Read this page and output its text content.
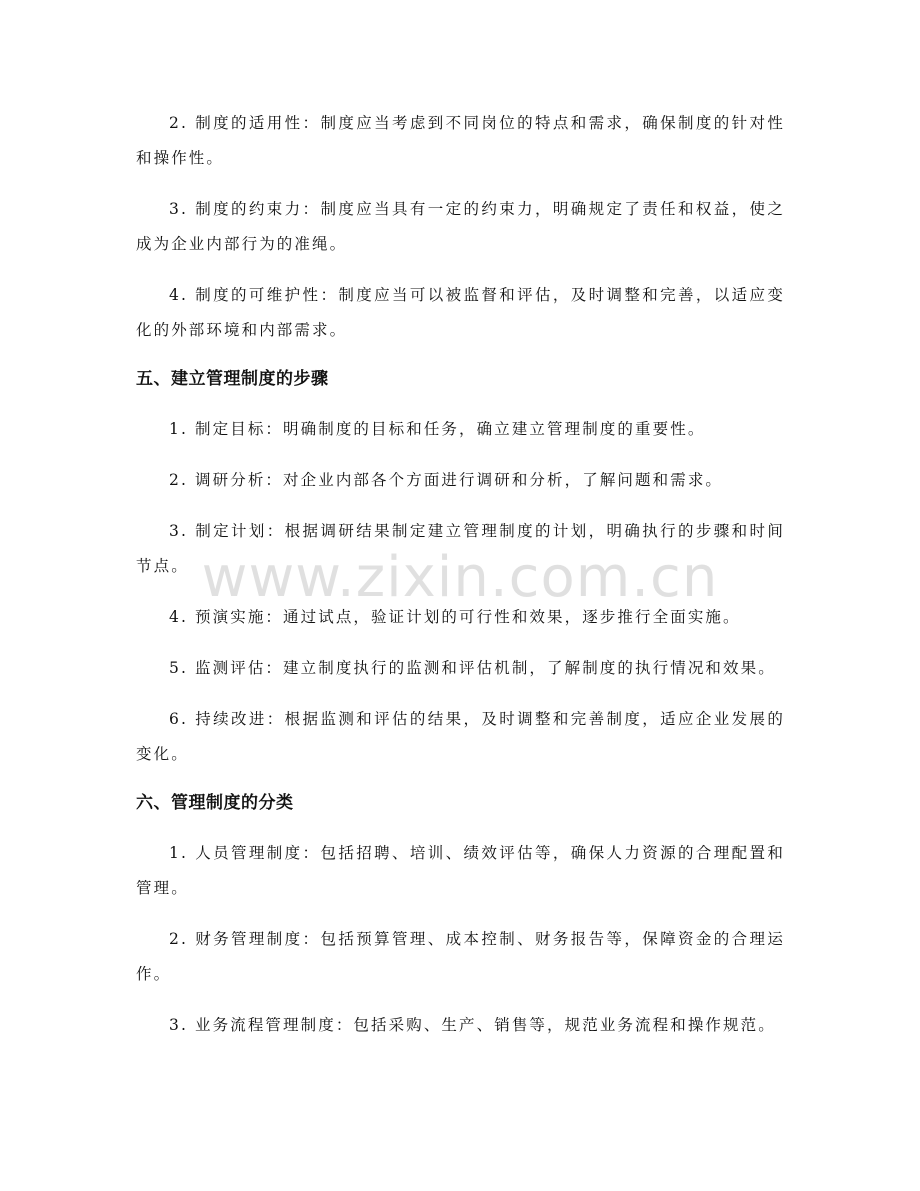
2. 制度的适用性：制度应当考虑到不同岗位的特点和需求，确保制度的针对性和操作性。

3. 制度的约束力：制度应当具有一定的约束力，明确规定了责任和权益，使之成为企业内部行为的准绳。

4. 制度的可维护性：制度应当可以被监督和评估，及时调整和完善，以适应变化的外部环境和内部需求。

五、建立管理制度的步骤

1. 制定目标：明确制度的目标和任务，确立建立管理制度的重要性。

2. 调研分析：对企业内部各个方面进行调研和分析，了解问题和需求。

3. 制定计划：根据调研结果制定建立管理制度的计划，明确执行的步骤和时间节点。

4. 预演实施：通过试点，验证计划的可行性和效果，逐步推行全面实施。

5. 监测评估：建立制度执行的监测和评估机制，了解制度的执行情况和效果。

6. 持续改进：根据监测和评估的结果，及时调整和完善制度，适应企业发展的变化。

六、管理制度的分类

1. 人员管理制度：包括招聘、培训、绩效评估等，确保人力资源的合理配置和管理。

2. 财务管理制度：包括预算管理、成本控制、财务报告等，保障资金的合理运作。

3. 业务流程管理制度：包括采购、生产、销售等，规范业务流程和操作规范。

www.zixin.com.cn
